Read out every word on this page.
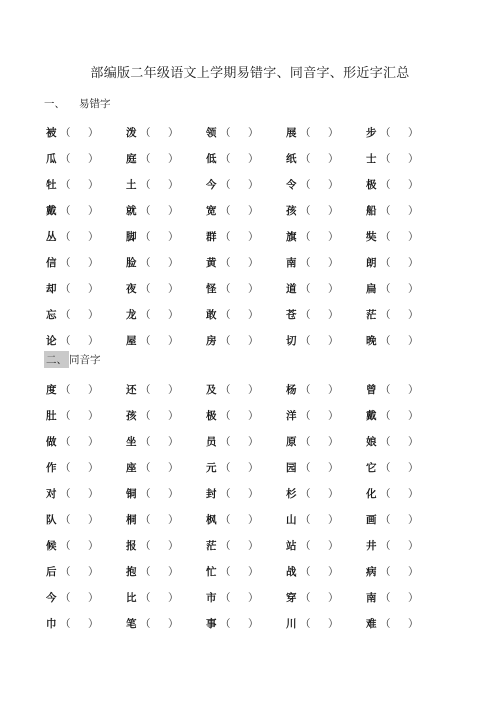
部编版二年级语文上学期易错字、同音字、形近字汇总
一、 易错字
被 （	）	泼 （	）	领 （	）	展 （	）	步 （	）
瓜 （	）	庭 （	）	低 （	）	纸 （	）	士 （	）
牡 （	）	土 （	）	今 （	）	令 （	）	极 （	）
戴 （	）	就 （	）	宽 （	）	孩 （	）	船 （	）
丛 （	）	脚 （	）	群 （	）	旗 （	）	奘 （	）
信 （	）	脸 （	）	黄 （	）	南 （	）	朗 （	）
却 （	）	夜 （	）	怪 （	）	道 （	）	扁 （	）
忘 （	）	龙 （	）	敢 （	）	苍 （	）	茫 （	）
论 （	）	屋 （	）	房 （	）	切 （	）	晚 （	）
二、 同音字
度 （	）	还 （	）	及 （	）	杨 （	）	曾 （	）
肚 （	）	孩 （	）	极 （	）	洋 （	）	戴 （	）
做 （	）	坐 （	）	员 （	）	原 （	）	娘 （	）
作 （	）	座 （	）	元 （	）	园 （	）	它 （	）
对 （	）	铜 （	）	封 （	）	杉 （	）	化 （	）
队 （	）	桐 （	）	枫 （	）	山 （	）	画 （	）
候 （	）	报 （	）	茫 （	）	站 （	）	井 （	）
后 （	）	抱 （	）	忙 （	）	战 （	）	病 （	）
今 （	）	比 （	）	市 （	）	穿 （	）	南 （	）
巾 （	）	笔 （	）	事 （	）	川 （	）	难 （	）
